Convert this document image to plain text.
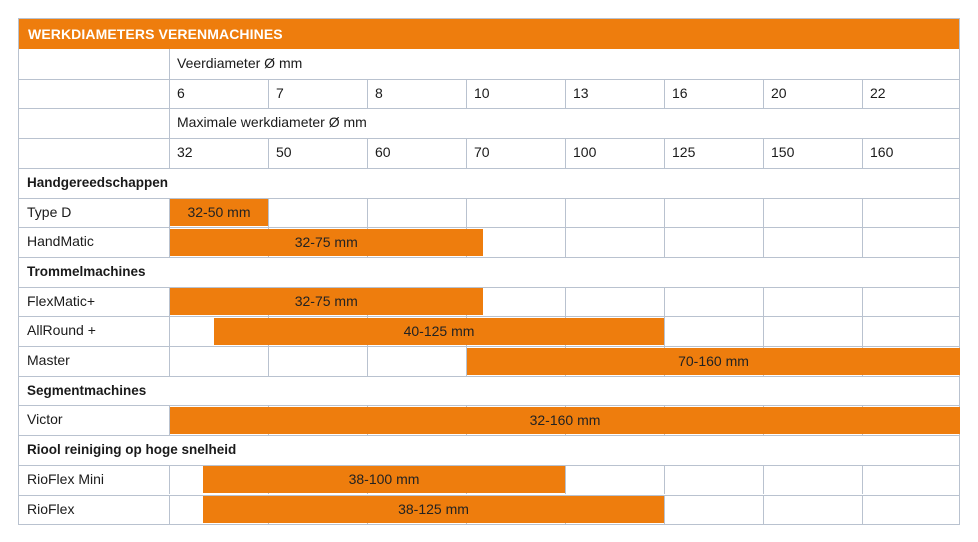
WERKDIAMETERS VERENMACHINES
Veerdiameter Ø mm
6	7	8	10	13	16	20	22
Maximale werkdiameter Ø mm
32	50	60	70	100	125	150	160
Handgereedschappen
Type D	32-50 mm
HandMatic	32-75 mm
Trommelmachines
FlexMatic+	32-75 mm
AllRound +	40-125 mm
Master	70-160 mm
Segmentmachines
Victor	32-160 mm
Riool reiniging op hoge snelheid
RioFlex Mini	38-100 mm
RioFlex	38-125 mm
